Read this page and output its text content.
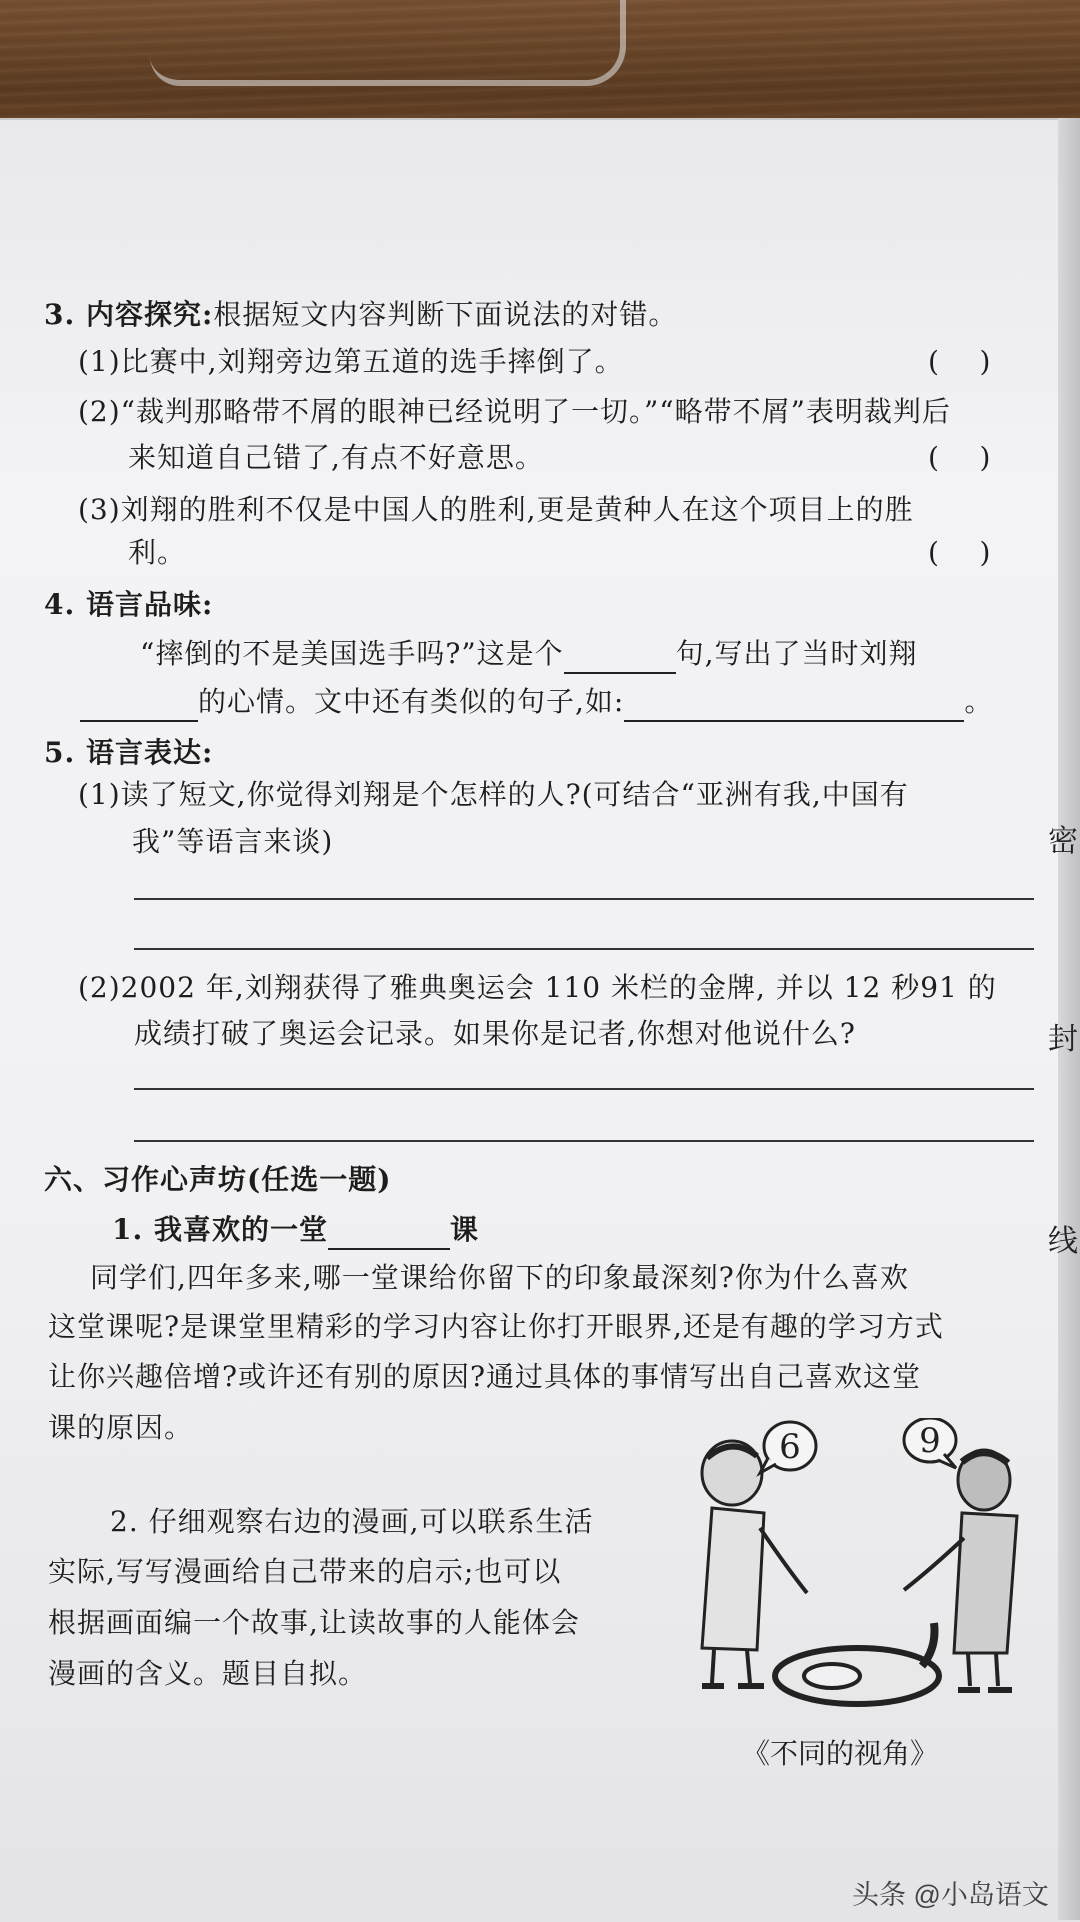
3. 内容探究:根据短文内容判断下面说法的对错。
(1)比赛中,刘翔旁边第五道的选手摔倒了。	(    )
(2)“裁判那略带不屑的眼神已经说明了一切。”“略带不屑”表明裁判后
来知道自己错了,有点不好意思。	(    )
(3)刘翔的胜利不仅是中国人的胜利,更是黄种人在这个项目上的胜
利。	(    )
4. 语言品味:
“摔倒的不是美国选手吗?”这是个	句,写出了当时刘翔
的心情。文中还有类似的句子,如:	。
5. 语言表达:
(1)读了短文,你觉得刘翔是个怎样的人?(可结合“亚洲有我,中国有
我”等语言来谈)
(2)2002 年,刘翔获得了雅典奥运会 110 米栏的金牌, 并以 12 秒91 的
成绩打破了奥运会记录。如果你是记者,你想对他说什么?
六、习作心声坊(任选一题)
1. 我喜欢的一堂	课
同学们,四年多来,哪一堂课给你留下的印象最深刻?你为什么喜欢
这堂课呢?是课堂里精彩的学习内容让你打开眼界,还是有趣的学习方式
让你兴趣倍增?或许还有别的原因?通过具体的事情写出自己喜欢这堂
课的原因。
2. 仔细观察右边的漫画,可以联系生活
实际,写写漫画给自己带来的启示;也可以
根据画面编一个故事,让读故事的人能体会
漫画的含义。题目自拟。
6	9
《不同的视角》
密
封
线
头条 @小岛语文
